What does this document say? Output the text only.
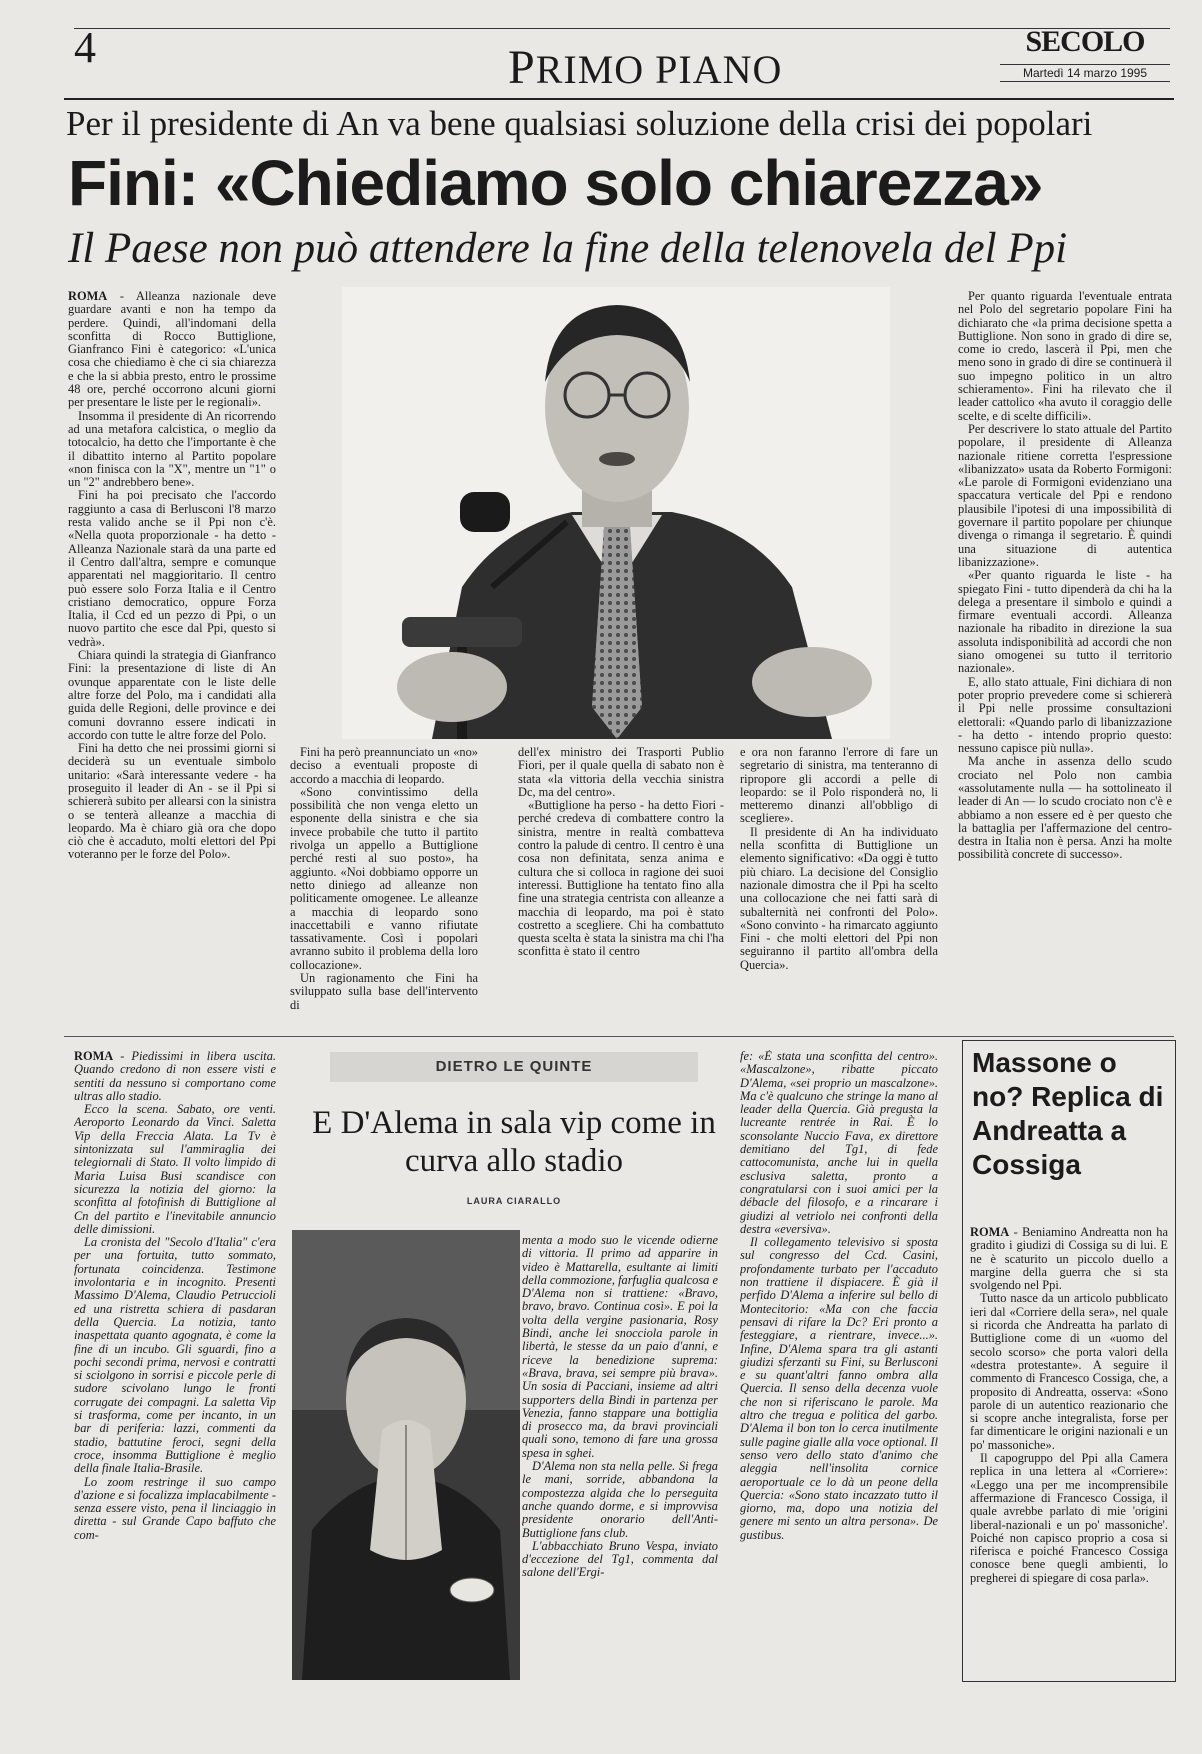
4	PRIMO PIANO
SECOLO
Martedì 14 marzo 1995
Per il presidente di An va bene qualsiasi soluzione della crisi dei popolari
Fini: «Chiediamo solo chiarezza»
Il Paese non può attendere la fine della telenovela del Ppi

ROMA - Alleanza nazionale deve guardare avanti e non ha tempo da perdere. Quindi, all'indomani della sconfitta di Rocco Buttiglione, Gianfranco Fini è categorico: «L'unica cosa che chiediamo è che ci sia chiarezza e che la si abbia presto, entro le prossime 48 ore, perché occorrono alcuni giorni per presentare le liste per le regionali».

Insomma il presidente di An ricorrendo ad una metafora calcistica, o meglio da totocalcio, ha detto che l'importante è che il dibattito interno al Partito popolare «non finisca con la "X", mentre un "1" o un "2" andrebbero bene».

Fini ha poi precisato che l'accordo raggiunto a casa di Berlusconi l'8 marzo resta valido anche se il Ppi non c'è. «Nella quota proporzionale - ha detto - Alleanza Nazionale starà da una parte ed il Centro dall'altra, sempre e comunque apparentati nel maggioritario. Il centro può essere solo Forza Italia e il Centro cristiano democratico, oppure Forza Italia, il Ccd ed un pezzo di Ppi, o un nuovo partito che esce dal Ppi, questo si vedrà».

Chiara quindi la strategia di Gianfranco Fini: la presentazione di liste di An ovunque apparentate con le liste delle altre forze del Polo, ma i candidati alla guida delle Regioni, delle province e dei comuni dovranno essere indicati in accordo con tutte le altre forze del Polo.

Fini ha detto che nei prossimi giorni si deciderà su un eventuale simbolo unitario: «Sarà interessante vedere - ha proseguito il leader di An - se il Ppi si schiererà subito per allearsi con la sinistra o se tenterà alleanze a macchia di leopardo. Ma è chiaro già ora che dopo ciò che è accaduto, molti elettori del Ppi voteranno per le forze del Polo».

Fini ha però preannunciato un «no» deciso a eventuali proposte di accordo a macchia di leopardo.

«Sono convintissimo della possibilità che non venga eletto un esponente della sinistra e che sia invece probabile che tutto il partito rivolga un appello a Buttiglione perché resti al suo posto», ha aggiunto. «Noi dobbiamo opporre un netto diniego ad alleanze non politicamente omogenee. Le alleanze a macchia di leopardo sono inaccettabili e vanno rifiutate tassativamente. Così i popolari avranno subito il problema della loro collocazione».

Un ragionamento che Fini ha sviluppato sulla base dell'intervento di

dell'ex ministro dei Trasporti Publio Fiori, per il quale quella di sabato non è stata «la vittoria della vecchia sinistra Dc, ma del centro».

«Buttiglione ha perso - ha detto Fiori - perché credeva di combattere contro la sinistra, mentre in realtà combatteva contro la palude di centro. Il centro è una cosa non definitata, senza anima e cultura che si colloca in ragione dei suoi interessi. Buttiglione ha tentato fino alla fine una strategia centrista con alleanze a macchia di leopardo, ma poi è stato costretto a scegliere. Chi ha combattuto questa scelta è stata la sinistra ma chi l'ha sconfitta è stato il centro

e ora non faranno l'errore di fare un segretario di sinistra, ma tenteranno di ripropore gli accordi a pelle di leopardo: se il Polo risponderà no, li metteremo dinanzi all'obbligo di scegliere».

Il presidente di An ha individuato nella sconfitta di Buttiglione un elemento significativo: «Da oggi è tutto più chiaro. La decisione del Consiglio nazionale dimostra che il Ppi ha scelto una collocazione che nei fatti sarà di subalternità nei confronti del Polo». «Sono convinto - ha rimarcato aggiunto Fini - che molti elettori del Ppi non seguiranno il partito all'ombra della Quercia».

Per quanto riguarda l'eventuale entrata nel Polo del segretario popolare Fini ha dichiarato che «la prima decisione spetta a Buttiglione. Non sono in grado di dire se, come io credo, lascerà il Ppi, men che meno sono in grado di dire se continuerà il suo impegno politico in un altro schieramento». Fini ha rilevato che il leader cattolico «ha avuto il coraggio delle scelte, e di scelte difficili».

Per descrivere lo stato attuale del Partito popolare, il presidente di Alleanza nazionale ritiene corretta l'espressione «libanizzato» usata da Roberto Formigoni: «Le parole di Formigoni evidenziano una spaccatura verticale del Ppi e rendono plausibile l'ipotesi di una impossibilità di governare il partito popolare per chiunque divenga o rimanga il segretario. È quindi una situazione di autentica libanizzazione».

«Per quanto riguarda le liste - ha spiegato Fini - tutto dipenderà da chi ha la delega a presentare il simbolo e quindi a firmare eventuali accordi. Alleanza nazionale ha ribadito in direzione la sua assoluta indisponibilità ad accordi che non siano omogenei su tutto il territorio nazionale».

E, allo stato attuale, Fini dichiara di non poter proprio prevedere come si schiererà il Ppi nelle prossime consultazioni elettorali: «Quando parlo di libanizzazione - ha detto - intendo proprio questo: nessuno capisce più nulla».

Ma anche in assenza dello scudo crociato nel Polo non cambia «assolutamente nulla — ha sottolineato il leader di An — lo scudo crociato non c'è e abbiamo a non essere ed è per questo che la battaglia per l'affermazione del centro-destra in Italia non è persa. Anzi ha molte possibilità concrete di successo».

ROMA - Piedissimi in libera uscita. Quando credono di non essere visti e sentiti da nessuno si comportano come ultras allo stadio.

Ecco la scena. Sabato, ore venti. Aeroporto Leonardo da Vinci. Saletta Vip della Freccia Alata. La Tv è sintonizzata sul l'ammiraglia dei telegiornali di Stato. Il volto limpido di Maria Luisa Busi scandisce con sicurezza la notizia del giorno: la sconfitta al fotofinish di Buttiglione al Cn del partito e l'inevitabile annuncio delle dimissioni.

La cronista del "Secolo d'Italia" c'era per una fortuita, tutto sommato, fortunata coincidenza. Testimone involontaria e in incognito. Presenti Massimo D'Alema, Claudio Petruccioli ed una ristretta schiera di pasdaran della Quercia. La notizia, tanto inaspettata quanto agognata, è come la fine di un incubo. Gli sguardi, fino a pochi secondi prima, nervosi e contratti si sciolgono in sorrisi e piccole perle di sudore scivolano lungo le fronti corrugate dei compagni. La saletta Vip si trasforma, come per incanto, in un bar di periferia: lazzi, commenti da stadio, battutine feroci, segni della croce, insomma Buttiglione è meglio della finale Italia-Brasile.

Lo zoom restringe il suo campo d'azione e si focalizza implacabilmente - senza essere visto, pena il linciaggio in diretta - sul Grande Capo baffuto che com-

DIETRO LE QUINTE
E D'Alema in sala vip come in curva allo stadio
LAURA CIARALLO

menta a modo suo le vicende odierne di vittoria. Il primo ad apparire in video è Mattarella, esultante ai limiti della commozione, farfuglia qualcosa e D'Alema non si trattiene: «Bravo, bravo, bravo. Continua così». E poi la volta della vergine pasionaria, Rosy Bindi, anche lei snocciola parole in libertà, le stesse da un paio d'anni, e riceve la benedizione suprema: «Brava, brava, sei sempre più brava». Un sosia di Pacciani, insieme ad altri supporters della Bindi in partenza per Venezia, fanno stappare una bottiglia di prosecco ma, da bravi provinciali quali sono, temono di fare una grossa spesa in sghei.

D'Alema non sta nella pelle. Si frega le mani, sorride, abbandona la compostezza algida che lo perseguita anche quando dorme, e si improvvisa presidente onorario dell'Anti-Buttiglione fans club.

L'abbacchiato Bruno Vespa, inviato d'eccezione del Tg1, commenta dal salone dell'Ergi-

fe: «È stata una sconfitta del centro». «Mascalzone», ribatte piccato D'Alema, «sei proprio un mascalzone». Ma c'è qualcuno che stringe la mano al leader della Quercia. Già pregusta la lucreante rentrée in Rai. È lo sconsolante Nuccio Fava, ex direttore demitiano del Tg1, di fede cattocomunista, anche lui in quella esclusiva saletta, pronto a congratularsi con i suoi amici per la débacle del filosofo, e a rincarare i giudizi al vetriolo nei confronti della destra «eversiva».

Il collegamento televisivo si sposta sul congresso del Ccd. Casini, profondamente turbato per l'accaduto non trattiene il dispiacere. È già il perfido D'Alema a inferire sul bello di Montecitorio: «Ma con che faccia pensavi di rifare la Dc? Eri pronto a festeggiare, a rientrare, invece...». Infine, D'Alema spara tra gli astanti giudizi sferzanti su Fini, su Berlusconi e su quant'altri fanno ombra alla Quercia. Il senso della decenza vuole che non si riferiscano le parole. Ma altro che tregua e politica del garbo. D'Alema il bon ton lo cerca inutilmente sulle pagine gialle alla voce optional. Il senso vero dello stato d'animo che aleggia nell'insolita cornice aeroportuale ce lo dà un peone della Quercia: «Sono stato incazzato tutto il giorno, ma, dopo una notizia del genere mi sento un altra persona». De gustibus.

Massone o no? Replica di Andreatta a Cossiga

ROMA - Beniamino Andreatta non ha gradito i giudizi di Cossiga su di lui. E ne è scaturito un piccolo duello a margine della guerra che si sta svolgendo nel Ppi.

Tutto nasce da un articolo pubblicato ieri dal «Corriere della sera», nel quale si ricorda che Andreatta ha parlato di Buttiglione come di un «uomo del secolo scorso» che porta valori della «destra protestante». A seguire il commento di Francesco Cossiga, che, a proposito di Andreatta, osserva: «Sono parole di un autentico reazionario che si scopre anche integralista, forse per far dimenticare le origini nazionali e un po' massoniche».

Il capogruppo del Ppi alla Camera replica in una lettera al «Corriere»: «Leggo una per me incomprensibile affermazione di Francesco Cossiga, il quale avrebbe parlato di mie 'origini liberal-nazionali e un po' massoniche'. Poiché non capisco proprio a cosa si riferisca e poiché Francesco Cossiga conosce bene quegli ambienti, lo pregherei di spiegare di cosa parla».
